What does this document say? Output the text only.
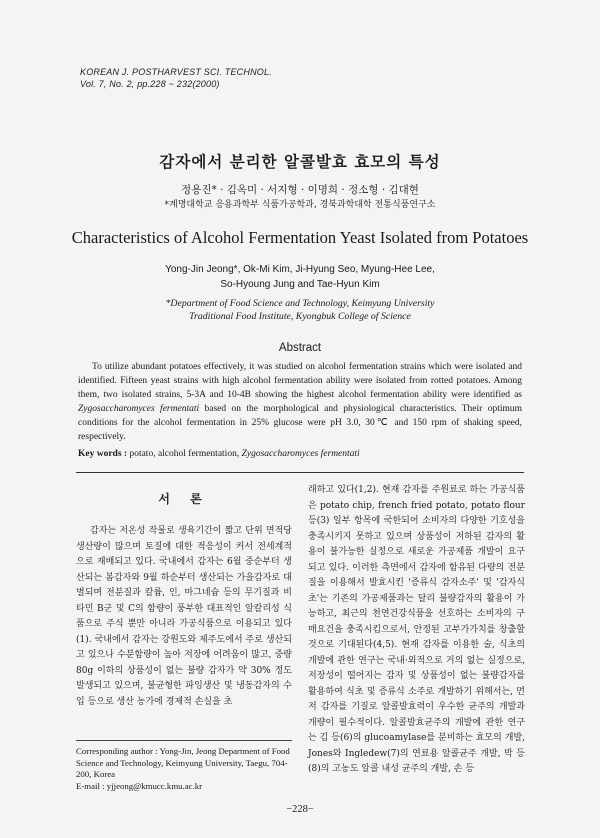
KOREAN J. POSTHARVEST SCI. TECHNOL.
Vol. 7, No. 2, pp.228 ~ 232(2000)
감자에서 분리한 알콜발효 효모의 특성
정용진* · 김옥미 · 서지형 · 이명희 · 정소형 · 김대현
*계명대학교 응용과학부 식품가공학과, 경북과학대학 전통식품연구소
Characteristics of Alcohol Fermentation Yeast Isolated from Potatoes
Yong-Jin Jeong*, Ok-Mi Kim, Ji-Hyung Seo, Myung-Hee Lee,
So-Hyoung Jung and Tae-Hyun Kim
*Department of Food Science and Technology, Keimyung University
Traditional Food Institute, Kyongbuk College of Science
Abstract

To utilize abundant potatoes effectively, it was studied on alcohol fermentation strains which were isolated and identified. Fifteen yeast strains with high alcohol fermentation ability were isolated from rotted potatoes. Among them, two isolated strains, 5-3A and 10-4B showing the highest alcohol fermentation ability were identified as Zygosaccharomyces fermentati based on the morphological and physiological characteristics. Their optimum conditions for the alcohol fermentation in 25% glucose were pH 3.0, 30℃ and 150 rpm of shaking speed, respectively.

Key words : potato, alcohol fermentation, Zygosaccharomyces fermentati
서 론

감자는 저온성 작물로 생육기간이 짧고 단위 면적당 생산량이 많으며 토질에 대한 적응성이 커서 전세계적으로 재배되고 있다. 국내에서 감자는 6월 중순부터 생산되는 봄감자와 9월 하순부터 생산되는 가을감자로 대별되며 전분질과 칼륨, 인, 마그네슘 등의 무기질과 비타민 B군 및 C의 함량이 풍부한 대표적인 알칼리성 식품으로 주식 뿐만 아니라 가공식품으로 이용되고 있다(1). 국내에서 감자는 강원도와 제주도에서 주로 생산되고 있으나 수분함량이 높아 저장에 어려움이 많고, 중량 80g 이하의 상품성이 없는 불량 감자가 약 30% 정도 발생되고 있으며, 불균형한 파잉생산 및 냉동감자의 수입 등으로 생산 농가에 경제적 손실을 초

래하고 있다(1,2). 현재 감자를 주원료로 하는 가공식품은 potato chip, french fried potato, potato flour 등(3) 일부 항목에 국한되어 소비자의 다양한 기호성을 충족시키지 못하고 있으며 상품성이 저하된 감자의 활용이 불가능한 실정으로 새로운 가공제품 개발이 요구되고 있다. 이러한 측면에서 감자에 함유된 다량의 전분질을 이용해서 발효시킨 '증류식 감자소주' 및 '감자식초'는 기존의 가공제품과는 달리 불량감자의 활용이 가능하고, 최근의 천연건강식품을 선호하는 소비자의 구매요건을 충족시킴으로서, 안정된 고부가가치를 창출할 것으로 기대된다(4,5). 현재 감자를 이용한 술, 식초의 개발에 관한 연구는 국내·외적으로 거의 없는 실정으로, 저장성이 떨어지는 감자 및 상품성이 없는 불량감자를 활용하여 식초 및 증류식 소주로 개발하기 위해서는, 먼저 감자를 기질로 알콜발효력이 우수한 균주의 개발과 개량이 필수적이다. 알콜발효균주의 개발에 관한 연구는 김 등(6)의 glucoamylase를 분비하는 효모의 개발, Jones와 Ingledew(7)의 연료용 알콜균주 개발, 박 등(8)의 고농도 알콜 내성 균주의 개발, 손 등

Corresponding author : Yong-Jin, Jeong Department of Food Science and Technology, Keimyung University, Taegu, 704-200, Korea
E-mail : yjjeong@kmucc.kmu.ac.kr
−228−
